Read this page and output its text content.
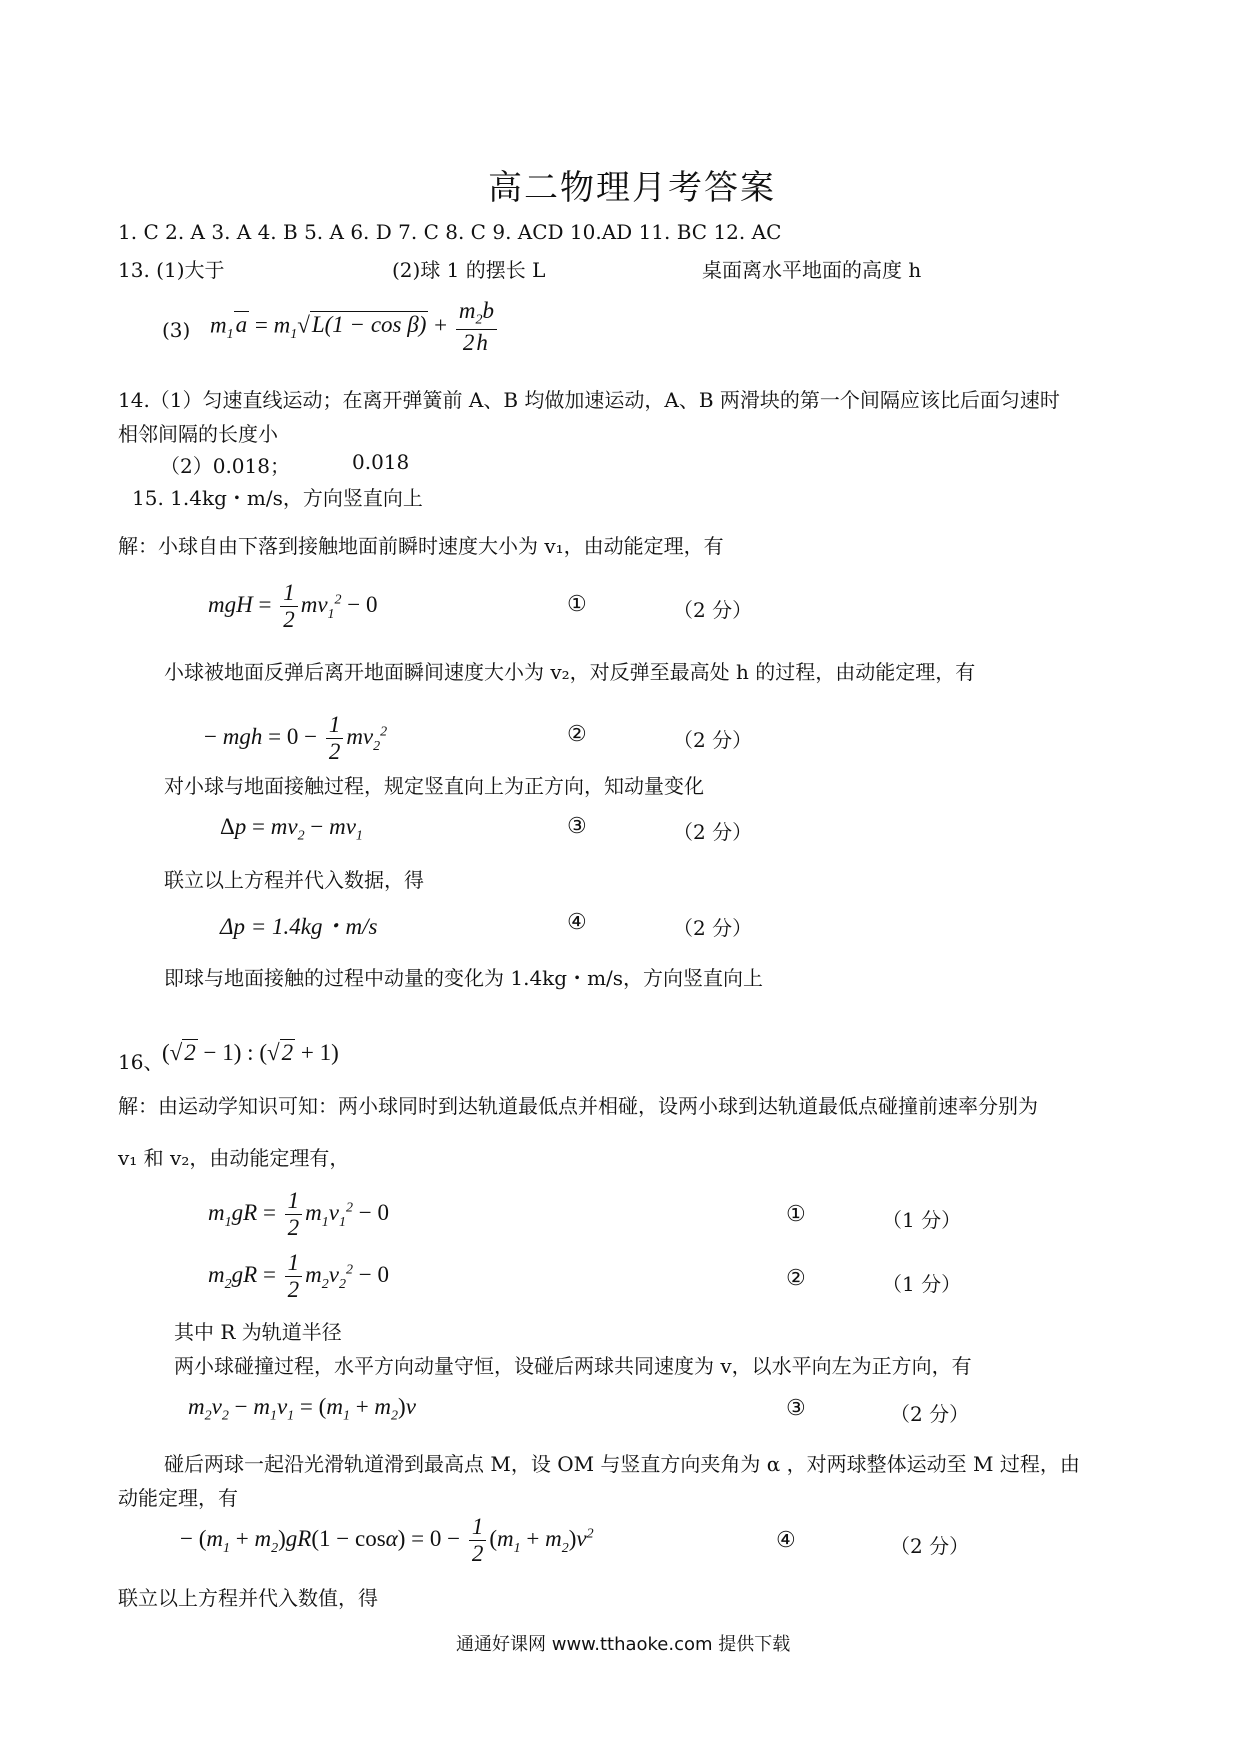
高二物理月考答案
1. C 2. A 3. A 4. B 5. A 6. D 7. C 8. C 9. ACD 10.AD 11. BC 12. AC
13. (1)大于	(2)球 1 的摆长 L	桌面离水平地面的高度 h
(3) $m_1a = m_1√L(1 - \cos \beta) + \frac{m_2b}{2h}$
14.（1）匀速直线运动；在离开弹簧前 A、B 均做加速运动，A、B 两滑块的第一个间隔应该比后面匀速时
相邻间隔的长度小
（2）0.018；	0.018
15. 1.4kg・m/s，方向竖直向上
解：小球自由下落到接触地面前瞬时速度大小为 v₁，由动能定理，有
mgH = $\frac{1}{2} mv_1^2 - 0$	①	（2 分）
小球被地面反弹后离开地面瞬间速度大小为 v₂，对反弹至最高处 h 的过程，由动能定理，有
− mgh = $0 - \frac{1}{2} mv_2^2$	②	（2 分）
对小球与地面接触过程，规定竖直向上为正方向，知动量变化
$\Delta p = mv_2 - mv_1$	③	（2 分）
联立以上方程并代入数据，得
Δp = 1.4kg・m/s	④	（2 分）
即球与地面接触的过程中动量的变化为 1.4kg・m/s，方向竖直向上
16、
(√2 − 1) : (√2 + 1)
解：由运动学知识可知：两小球同时到达轨道最低点并相碰，设两小球到达轨道最低点碰撞前速率分别为
v₁ 和 v₂，由动能定理有，
$m_1gR = \frac{1}{2} m_1v_1^2 - 0$	①	（1 分）
$m_2gR = \frac{1}{2} m_2v_2^2 - 0$	②	（1 分）
其中 R 为轨道半径
两小球碰撞过程，水平方向动量守恒，设碰后两球共同速度为 v，以水平向左为正方向，有
$m_2v_2 - m_1v_1 = (m_1 + m_2)v$	③	（2 分）
碰后两球一起沿光滑轨道滑到最高点 M，设 OM 与竖直方向夹角为 α ，对两球整体运动至 M 过程，由
动能定理，有
− $(m_1 + m_2)gR(1 - \cos\alpha) = 0 - \frac{1}{2} (m_1 + m_2)v^2$	④	（2 分）
联立以上方程并代入数值，得
通通好课网 www.tthaoke.com 提供下载
